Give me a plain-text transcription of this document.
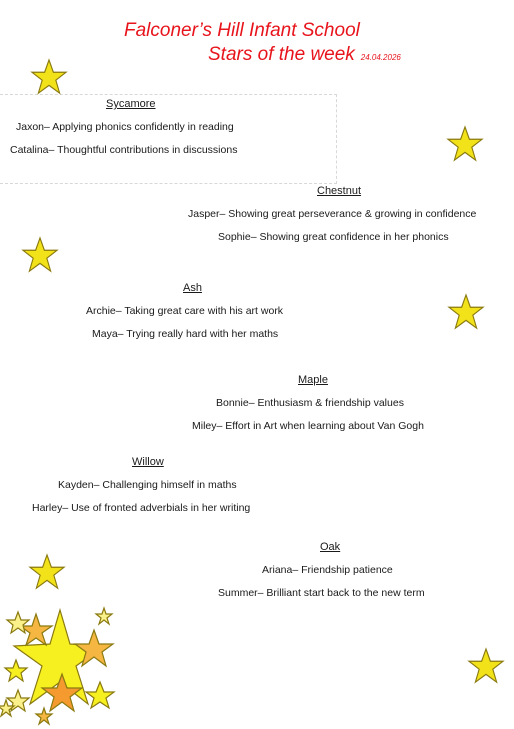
Falconer’s Hill Infant School
Stars of the week 24.04.2026
Sycamore
Jaxon– Applying phonics confidently in reading
Catalina– Thoughtful contributions in discussions
Chestnut
Jasper– Showing great perseverance & growing in confidence
Sophie– Showing great confidence in her phonics
Ash
Archie– Taking great care with his art work
Maya– Trying really hard with her maths
Maple
Bonnie– Enthusiasm & friendship values
Miley– Effort in Art when learning about Van Gogh
Willow
Kayden– Challenging himself in maths
Harley– Use of fronted adverbials in her writing
Oak
Ariana– Friendship patience
Summer– Brilliant start back to the new term
